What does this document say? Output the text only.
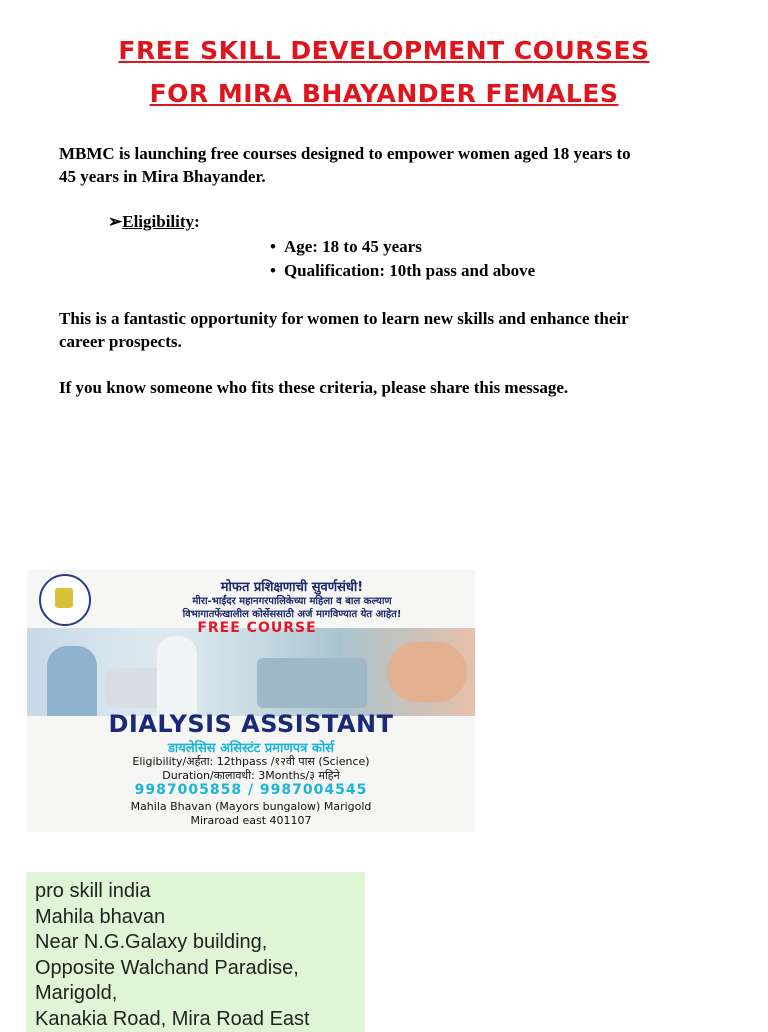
FREE SKILL DEVELOPMENT COURSES
FOR MIRA BHAYANDER FEMALES
MBMC is launching free courses designed to empower women aged 18 years to
45 years in Mira Bhayander.
➢Eligibility:
• Age: 18 to 45 years
• Qualification: 10th pass and above
This is a fantastic opportunity for women to learn new skills and enhance their
career prospects.
If you know someone who fits these criteria, please share this message.
मोफत प्रशिक्षणाची सुवर्णसंधी!
मीरा-भाईंदर महानगरपालिकेच्या महिला व बाल कल्याण
विभागातर्फेखालील कोर्सेससाठी अर्ज मागविण्यात येत आहेत!
FREE COURSE
DIALYSIS ASSISTANT
डायलेसिस असिस्टंट प्रमाणपत्र कोर्स
Eligibility/अर्हता: 12thpass /१२वी पास (Science)
Duration/कालावधी: 3Months/३ महिने
9987005858 / 9987004545
Mahila Bhavan (Mayors bungalow) Marigold
Miraroad east 401107
pro skill india
Mahila bhavan
Near N.G.Galaxy building,
Opposite Walchand Paradise,
Marigold,
Kanakia Road, Mira Road East
